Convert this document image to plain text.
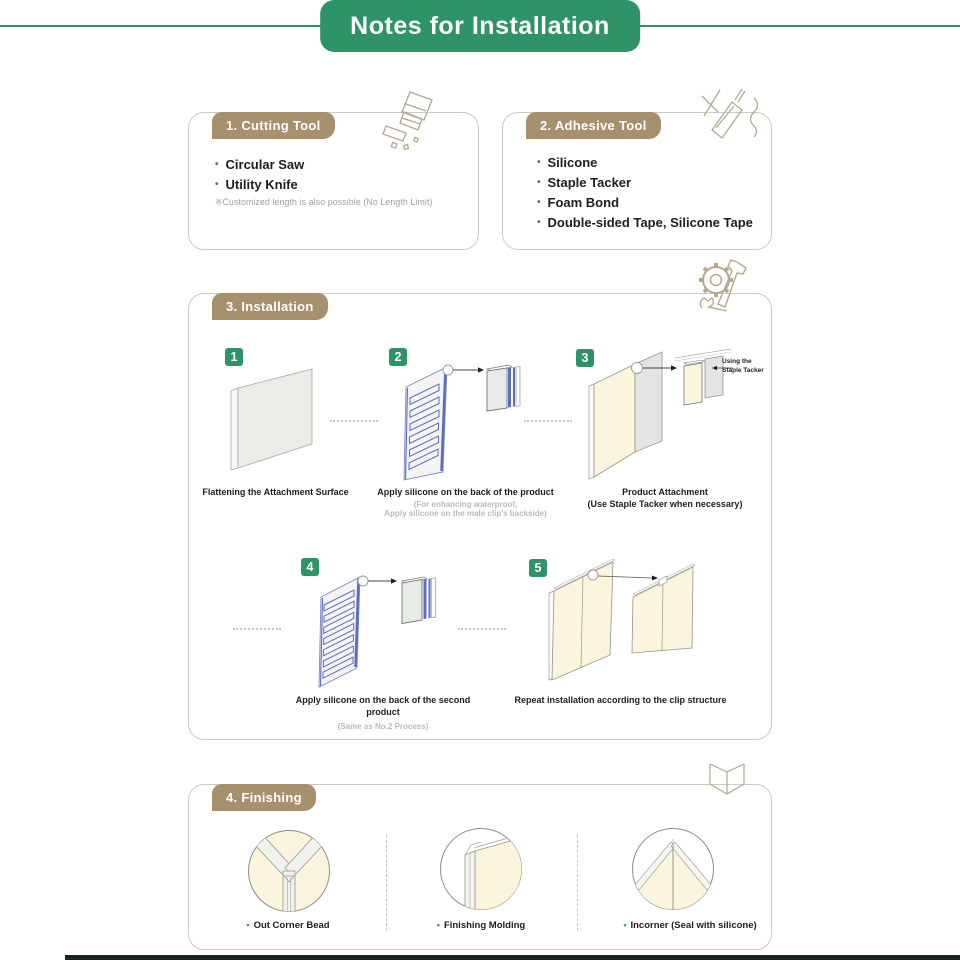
Notes for Installation
1. Cutting Tool
• Circular Saw
• Utility Knife
※Customized length is also possible (No Length Limit)
2. Adhesive Tool
• Silicone
• Staple Tacker
• Foam Bond
• Double-sided Tape, Silicone Tape
3. Installation
1	2	3
4	5
Using the
Staple Tacker
Flattening the Attachment Surface	Apply silicone on the back of the product
(For enhancing waterproof,
Apply silicone on the male clip's backside)
Product Attachment
(Use Staple Tacker when necessary)
Apply silicone on the back of the second product
(Same as No.2 Process)
Repeat installation according to the clip structure
4. Finishing
• Out Corner Bead	• Finishing Molding	• Incorner (Seal with silicone)
